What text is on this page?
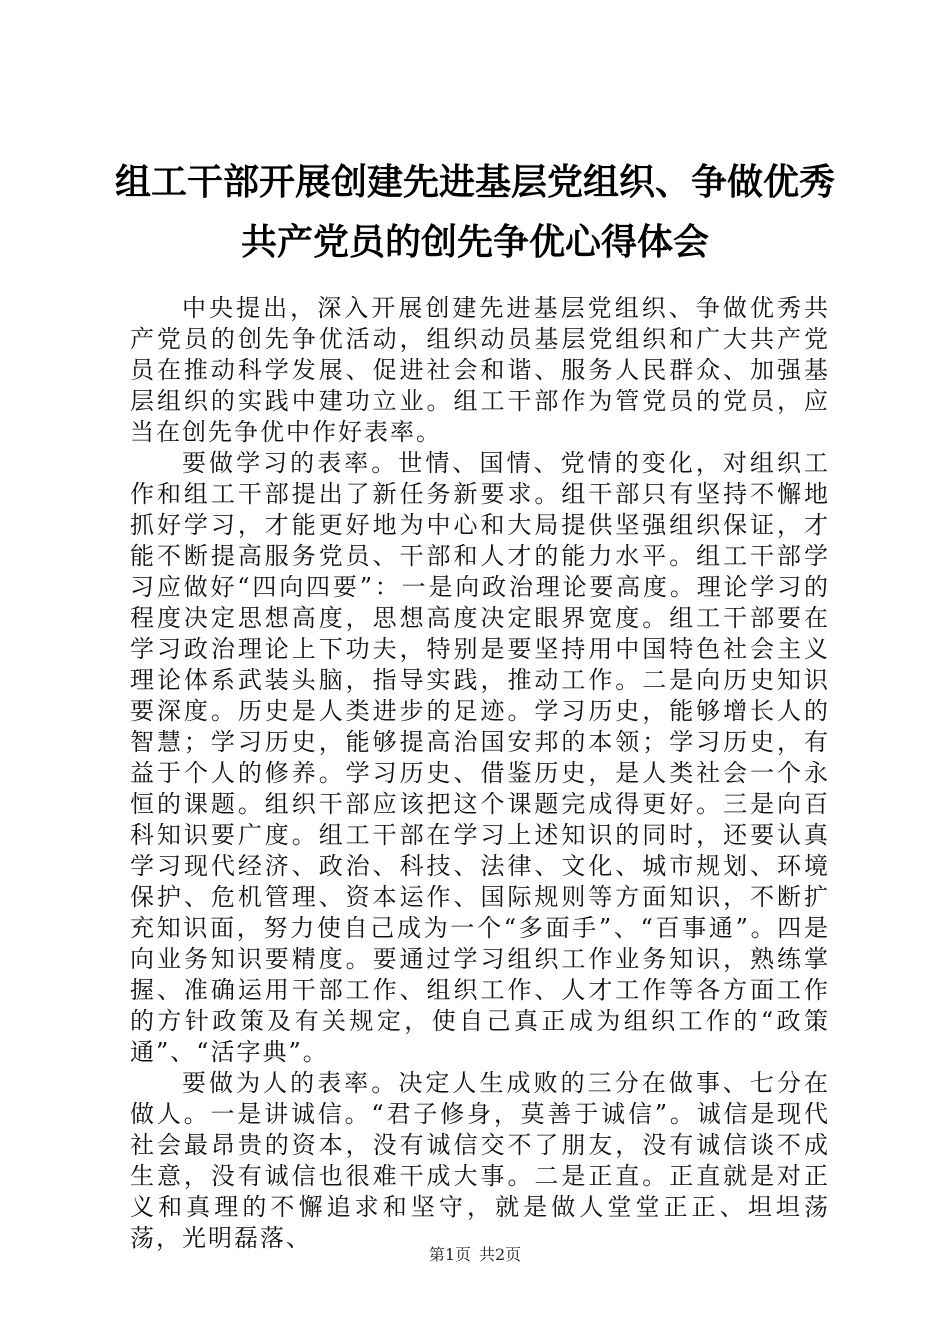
组工干部开展创建先进基层党组织、争做优秀
共产党员的创先争优心得体会

中央提出，深入开展创建先进基层党组织、争做优秀共产党员的创先争优活动，组织动员基层党组织和广大共产党员在推动科学发展、促进社会和谐、服务人民群众、加强基层组织的实践中建功立业。组工干部作为管党员的党员，应当在创先争优中作好表率。

要做学习的表率。世情、国情、党情的变化，对组织工作和组工干部提出了新任务新要求。组干部只有坚持不懈地抓好学习，才能更好地为中心和大局提供坚强组织保证，才能不断提高服务党员、干部和人才的能力水平。组工干部学习应做好“四向四要”：一是向政治理论要高度。理论学习的程度决定思想高度，思想高度决定眼界宽度。组工干部要在学习政治理论上下功夫，特别是要坚持用中国特色社会主义理论体系武装头脑，指导实践，推动工作。二是向历史知识要深度。历史是人类进步的足迹。学习历史，能够增长人的智慧；学习历史，能够提高治国安邦的本领；学习历史，有益于个人的修养。学习历史、借鉴历史，是人类社会一个永恒的课题。组织干部应该把这个课题完成得更好。三是向百科知识要广度。组工干部在学习上述知识的同时，还要认真学习现代经济、政治、科技、法律、文化、城市规划、环境保护、危机管理、资本运作、国际规则等方面知识，不断扩充知识面，努力使自己成为一个“多面手”、“百事通”。四是向业务知识要精度。要通过学习组织工作业务知识，熟练掌握、准确运用干部工作、组织工作、人才工作等各方面工作的方针政策及有关规定，使自己真正成为组织工作的“政策通”、“活字典”。

要做为人的表率。决定人生成败的三分在做事、七分在做人。一是讲诚信。“君子修身，莫善于诚信”。诚信是现代社会最昂贵的资本，没有诚信交不了朋友，没有诚信谈不成生意，没有诚信也很难干成大事。二是正直。正直就是对正义和真理的不懈追求和坚守，就是做人堂堂正正、坦坦荡荡，光明磊落、

第1页 共2页
